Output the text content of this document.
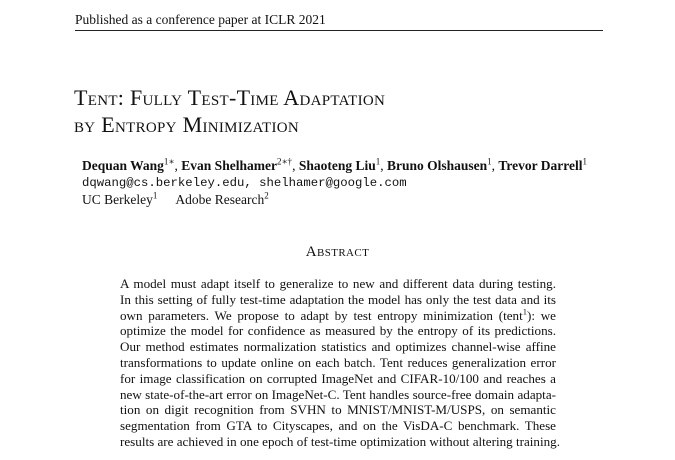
Published as a conference paper at ICLR 2021
Tent: Fully Test-Time Adaptation
by Entropy Minimization
Dequan Wang$^{1∗}$, Evan Shelhamer$^{2∗\dagger}$, Shaoteng Liu$^1$, Bruno Olshausen$^1$, Trevor Darrell$^1$
dqwang@cs.berkeley.edu, shelhamer@google.com
UC Berkeley$^1$ Adobe Research$^2$
Abstract
A model must adapt itself to generalize to new and different data during testing.
In this setting of fully test-time adaptation the model has only the test data and its
own parameters. We propose to adapt by test entropy minimization (tent$^1$): we
optimize the model for confidence as measured by the entropy of its predictions.
Our method estimates normalization statistics and optimizes channel-wise affine
transformations to update online on each batch. Tent reduces generalization error
for image classification on corrupted ImageNet and CIFAR-10/100 and reaches a
new state-of-the-art error on ImageNet-C. Tent handles source-free domain adapta-
tion on digit recognition from SVHN to MNIST/MNIST-M/USPS, on semantic
segmentation from GTA to Cityscapes, and on the VisDA-C benchmark. These
results are achieved in one epoch of test-time optimization without altering training.
